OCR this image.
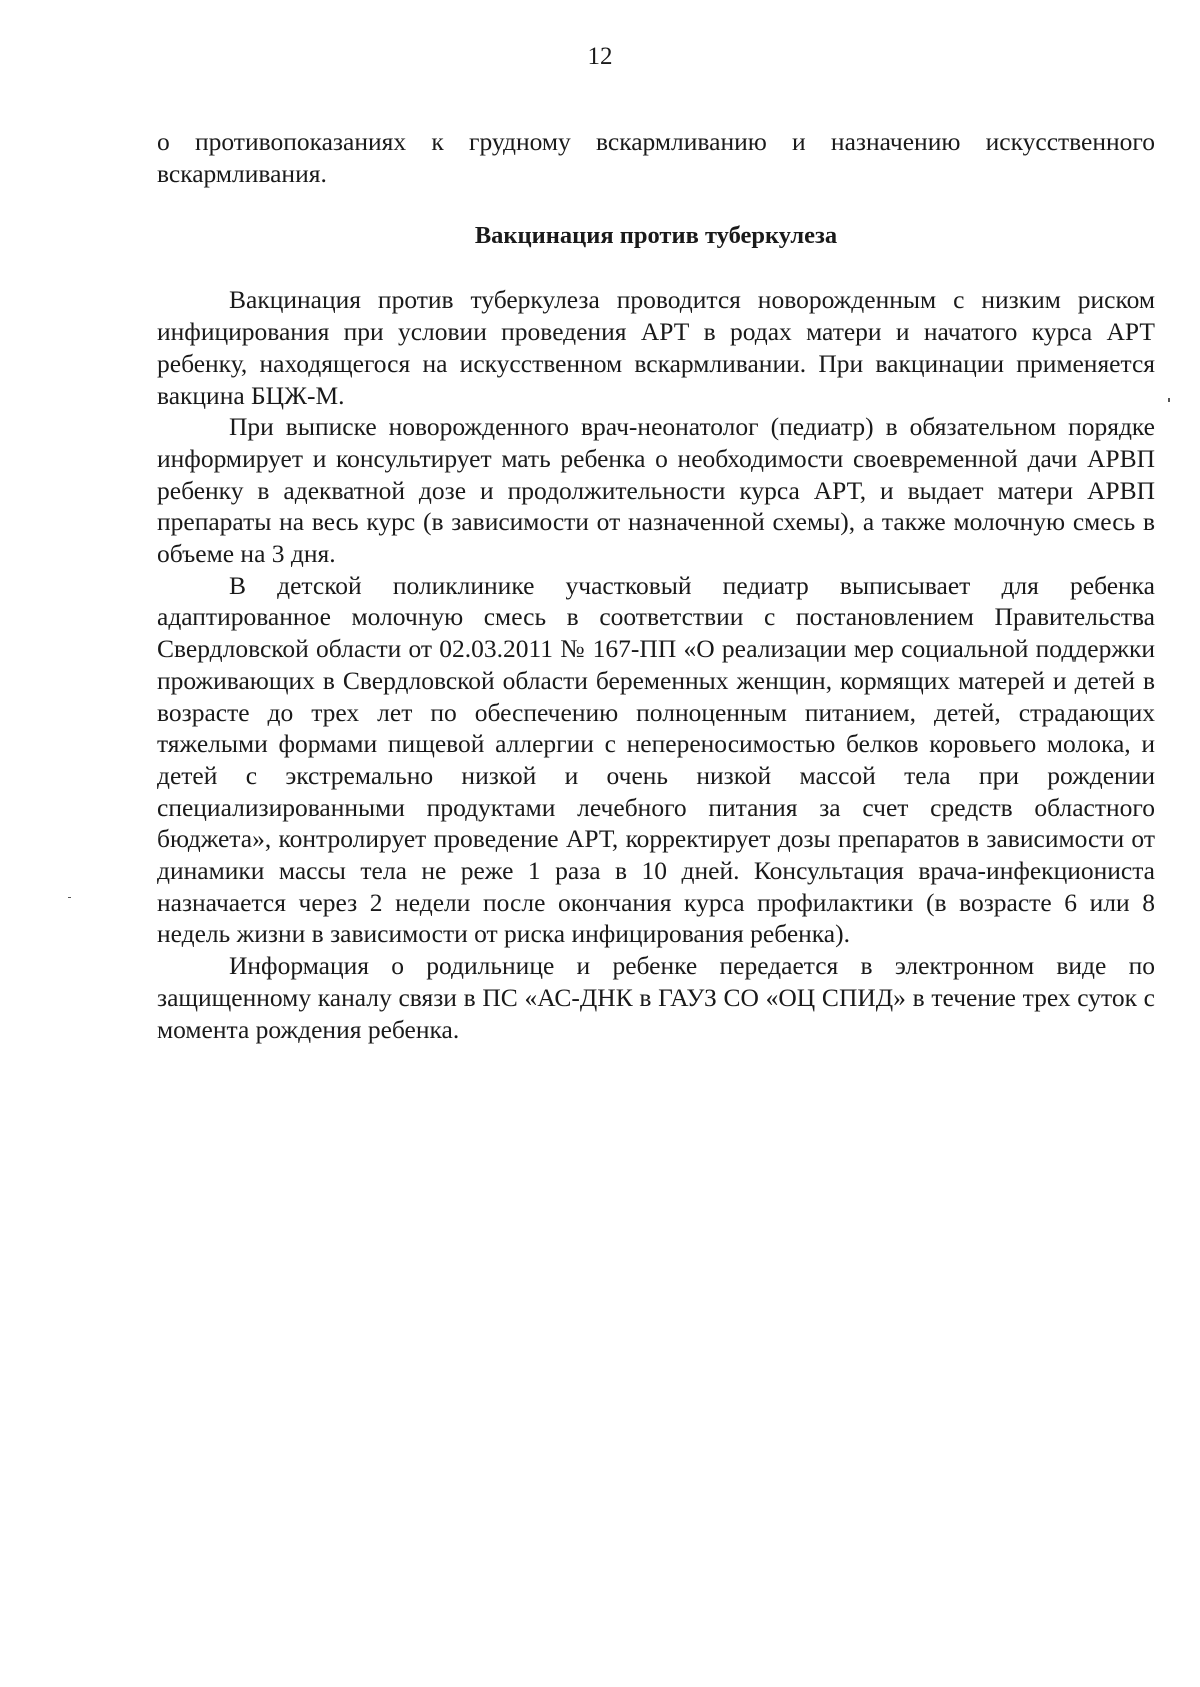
12

о противопоказаниях к грудному вскармливанию и назначению искусственного вскармливания.

Вакцинация против туберкулеза

Вакцинация против туберкулеза проводится новорожденным с низким риском инфицирования при условии проведения АРТ в родах матери и начатого курса АРТ ребенку, находящегося на искусственном вскармливании. При вакцинации применяется вакцина БЦЖ-М.

При выписке новорожденного врач-неонатолог (педиатр) в обязательном порядке информирует и консультирует мать ребенка о необходимости своевременной дачи АРВП ребенку в адекватной дозе и продолжительности курса АРТ, и выдает матери АРВП препараты на весь курс (в зависимости от назначенной схемы), а также молочную смесь в объеме на 3 дня.

В детской поликлинике участковый педиатр выписывает для ребенка адаптированное молочную смесь в соответствии с постановлением Правительства Свердловской области от 02.03.2011 № 167-ПП «О реализации мер социальной поддержки проживающих в Свердловской области беременных женщин, кормящих матерей и детей в возрасте до трех лет по обеспечению полноценным питанием, детей, страдающих тяжелыми формами пищевой аллергии с непереносимостью белков коровьего молока, и детей с экстремально низкой и очень низкой массой тела при рождении специализированными продуктами лечебного питания за счет средств областного бюджета», контролирует проведение АРТ, корректирует дозы препаратов в зависимости от динамики массы тела не реже 1 раза в 10 дней. Консультация врача-инфекциониста назначается через 2 недели после окончания курса профилактики (в возрасте 6 или 8 недель жизни в зависимости от риска инфицирования ребенка).

Информация о родильнице и ребенке передается в электронном виде по защищенному каналу связи в ПС «АС-ДНК в ГАУЗ СО «ОЦ СПИД» в течение трех суток с момента рождения ребенка.
